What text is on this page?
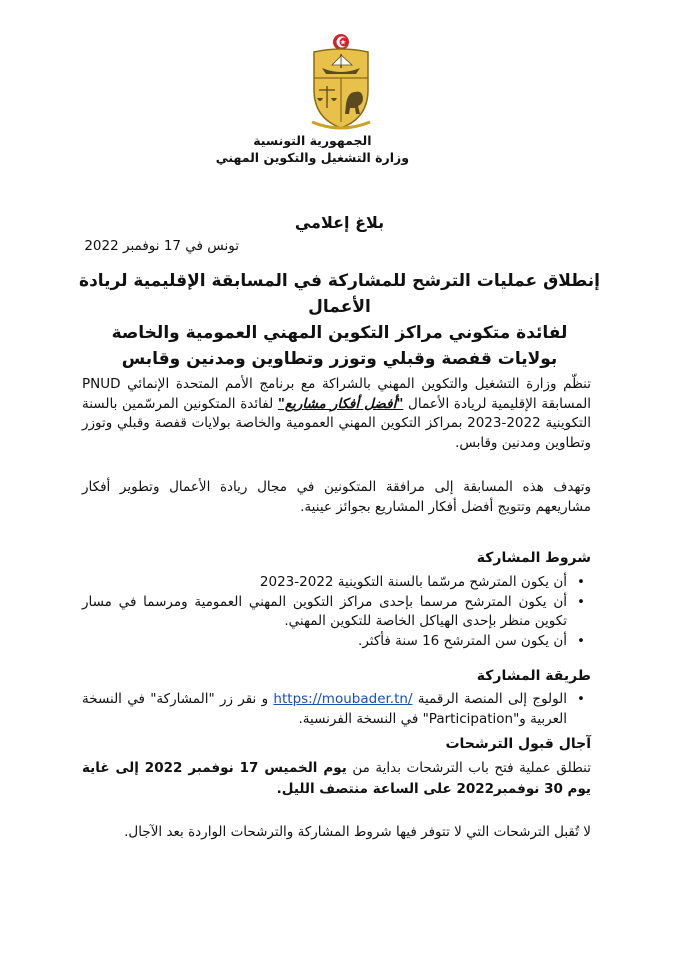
الجمهورية التونسية
وزارة التشغيل والتكوين المهني
بلاغ إعلامي
تونس في 17 نوفمبر 2022
إنطلاق عمليات الترشح للمشاركة في المسابقة الإقليمية لريادة الأعمال
لفائدة متكوني مراكز التكوين المهني العمومية والخاصة
بولايات قفصة وقبلي وتوزر وتطاوين ومدنين وقابس
تنظّم وزارة التشغيل والتكوين المهني بالشراكة مع برنامج الأمم المتحدة الإنمائي PNUD المسابقة الإقليمية لريادة الأعمال "أفضل أفكار مشاريع" لفائدة المتكونين المرسّمين بالسنة التكوينية 2022-2023 بمراكز التكوين المهني العمومية والخاصة بولايات قفصة وقبلي وتوزر وتطاوين ومدنين وقابس.
وتهدف هذه المسابقة إلى مرافقة المتكونين في مجال ريادة الأعمال وتطوير أفكار مشاريعهم وتتويج أفضل أفكار المشاريع بجوائز عينية.
شروط المشاركة
• أن يكون المترشح مرسّما بالسنة التكوينية 2022-2023
• أن يكون المترشح مرسما بإحدى مراكز التكوين المهني العمومية ومرسما في مسار تكوين منظر بإحدى الهياكل الخاصة للتكوين المهني.
• أن يكون سن المترشح 16 سنة فأكثر.
طريقة المشاركة
• الولوج إلى المنصة الرقمية https://moubader.tn/ و نقر زر "المشاركة" في النسخة العربية و"Participation" في النسخة الفرنسية.
آجال قبول الترشحات
تنطلق عملية فتح باب الترشحات بداية من يوم الخميس 17 نوفمبر 2022 إلى غاية يوم 30 نوفمبر2022 على الساعة منتصف الليل.
لا تُقبل الترشحات التي لا تتوفر فيها شروط المشاركة والترشحات الواردة بعد الآجال.
